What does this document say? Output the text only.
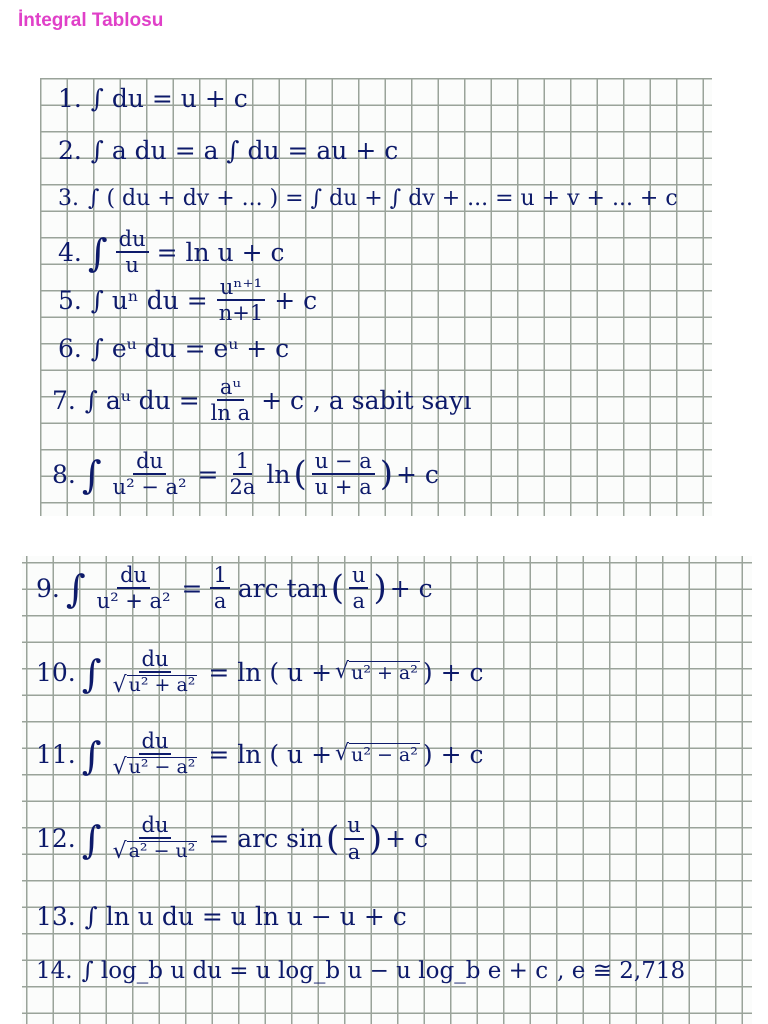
İntegral Tablosu
1. ∫ du = u + c
2. ∫ a du = a ∫ du = au + c
3. ∫ ( du + dv + ... ) = ∫ du + ∫ dv + ... = u + v + ... + c
4. ∫ $\frac{du}{u} = \ln u + c$
5. ∫ uⁿ du = $\frac{\text{uⁿ⁺¹}}{n+1} + c$
6. ∫ eᵘ du = eᵘ + c
7. ∫ aᵘ du = $\frac{\text{aᵘ}}{\text{ln a}} + c$ , a sabit sayı
8. ∫ $\frac{du}{\text{u² − a²}} = \frac{1}{2a}$ ln ( $\frac{u - a}{u + a}$ ) + c
9. ∫ $\frac{du}{\text{u² + a²}} = \frac{1}{a}$ arc tan ( $\frac{u}{a}$ ) + c
10. ∫ $\frac{du}{\text{√ u² + a²}} = \ln$ ( u + √ u² + a² ) + c
11. ∫ $\frac{du}{\text{√ u² − a²}} = \ln$ ( u + √ u² − a² ) + c
12. ∫ $\frac{du}{\text{√ a² − u²}}$ = arc sin ( $\frac{u}{a}$ ) + c
13. ∫ ln u du = u ln u − u + c
14. ∫ log_b u du = u log_b u − u log_b e + c , e ≅ 2,718
